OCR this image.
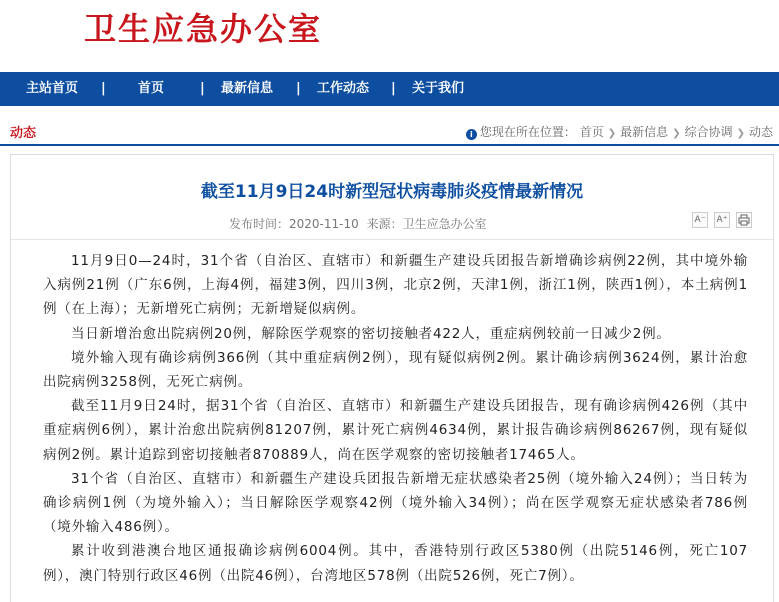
卫生应急办公室
主站首页 | 首页	| 最新信息 | 工作动态 | 关于我们
动态	i 您现在所在位置： 首页 ❯ 最新信息 ❯ 综合协调 ❯ 动态
截至11月9日24时新型冠状病毒肺炎疫情最新情况
发布时间：2020-11-10 来源：卫生应急办公室	A⁻ A⁺

11月9日0—24时，31个省（自治区、直辖市）和新疆生产建设兵团报告新增确诊病例22例，其中境外输入病例21例（广东6例，上海4例，福建3例，四川3例，北京2例，天津1例，浙江1例，陕西1例），本土病例1例（在上海）；无新增死亡病例；无新增疑似病例。

当日新增治愈出院病例20例，解除医学观察的密切接触者422人，重症病例较前一日减少2例。

境外输入现有确诊病例366例（其中重症病例2例），现有疑似病例2例。累计确诊病例3624例，累计治愈出院病例3258例，无死亡病例。

截至11月9日24时，据31个省（自治区、直辖市）和新疆生产建设兵团报告，现有确诊病例426例（其中重症病例6例），累计治愈出院病例81207例，累计死亡病例4634例，累计报告确诊病例86267例，现有疑似病例2例。累计追踪到密切接触者870889人，尚在医学观察的密切接触者17465人。

31个省（自治区、直辖市）和新疆生产建设兵团报告新增无症状感染者25例（境外输入24例）；当日转为确诊病例1例（为境外输入）；当日解除医学观察42例（境外输入34例）；尚在医学观察无症状感染者786例（境外输入486例）。

累计收到港澳台地区通报确诊病例6004例。其中，香港特别行政区5380例（出院5146例，死亡107例），澳门特别行政区46例（出院46例），台湾地区578例（出院526例，死亡7例）。
